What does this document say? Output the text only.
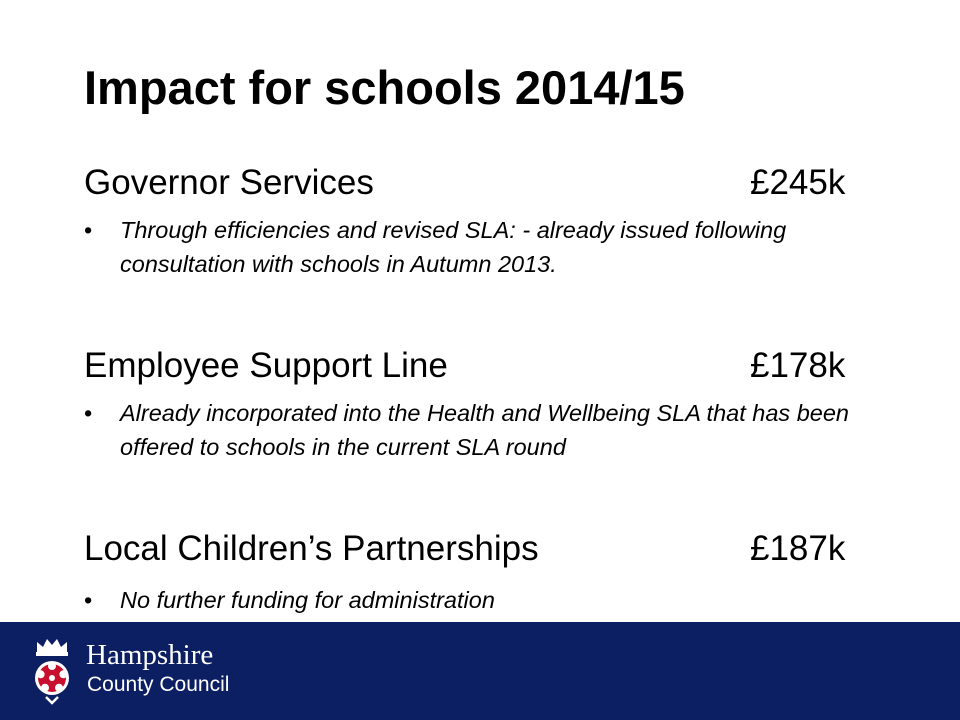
Impact for schools 2014/15
Governor Services	£245k
• Through efficiencies and revised SLA: - already issued following consultation with schools in Autumn 2013.
Employee Support Line	£178k
• Already incorporated into the Health and Wellbeing SLA that has been offered to schools in the current SLA round
Local Children’s Partnerships	£187k
• No further funding for administration
Hampshire
County Council
